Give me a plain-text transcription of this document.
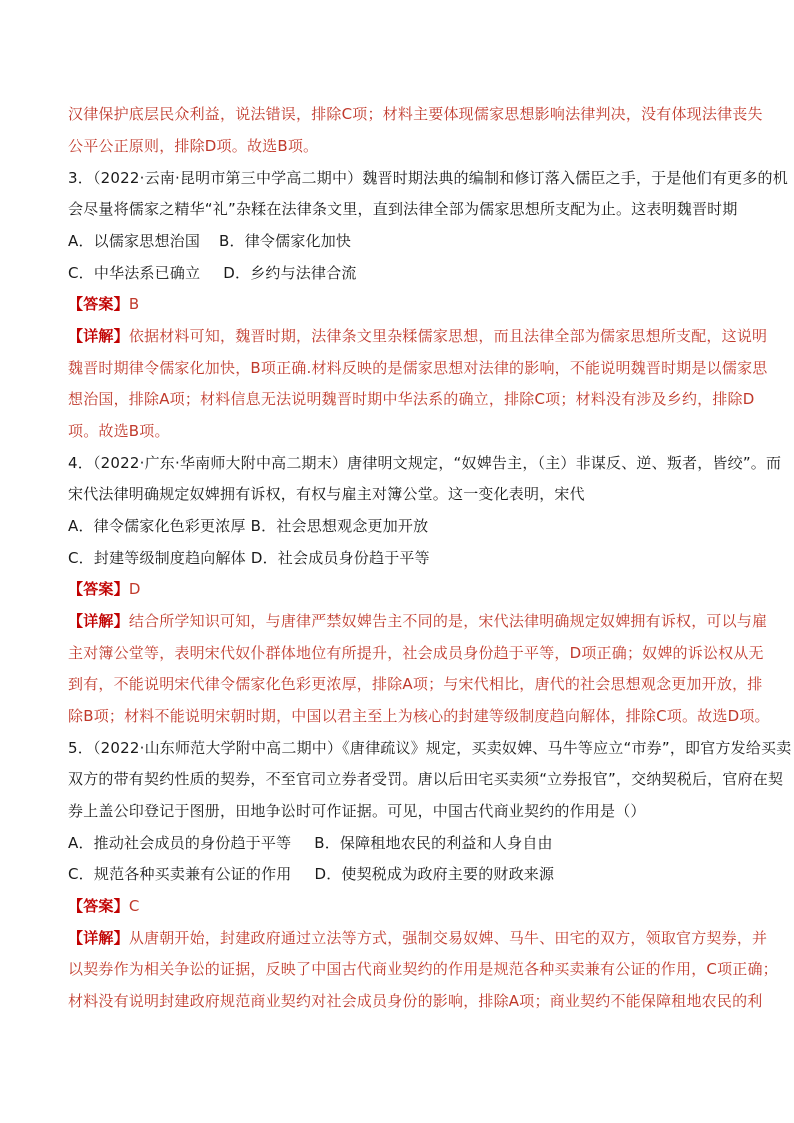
汉律保护底层民众利益，说法错误，排除C项；材料主要体现儒家思想影响法律判决，没有体现法律丧失
公平公正原则，排除D项。故选B项。
3．（2022·云南·昆明市第三中学高二期中）魏晋时期法典的编制和修订落入儒臣之手，于是他们有更多的机
会尽量将儒家之精华“礼”杂糅在法律条文里，直到法律全部为儒家思想所支配为止。这表明魏晋时期
A．以儒家思想治国 B．律令儒家化加快
C．中华法系已确立 D．乡约与法律合流
【答案】B
【详解】依据材料可知，魏晋时期，法律条文里杂糅儒家思想，而且法律全部为儒家思想所支配，这说明
魏晋时期律令儒家化加快，B项正确.材料反映的是儒家思想对法律的影响，不能说明魏晋时期是以儒家思
想治国，排除A项；材料信息无法说明魏晋时期中华法系的确立，排除C项；材料没有涉及乡约，排除D
项。故选B项。
4．（2022·广东·华南师大附中高二期末）唐律明文规定，“奴婢告主，（主）非谋反、逆、叛者，皆绞”。而
宋代法律明确规定奴婢拥有诉权，有权与雇主对簿公堂。这一变化表明，宋代
A．律令儒家化色彩更浓厚 B．社会思想观念更加开放
C．封建等级制度趋向解体 D．社会成员身份趋于平等
【答案】D
【详解】结合所学知识可知，与唐律严禁奴婢告主不同的是，宋代法律明确规定奴婢拥有诉权，可以与雇
主对簿公堂等，表明宋代奴仆群体地位有所提升，社会成员身份趋于平等，D项正确；奴婢的诉讼权从无
到有，不能说明宋代律令儒家化色彩更浓厚，排除A项；与宋代相比，唐代的社会思想观念更加开放，排
除B项；材料不能说明宋朝时期，中国以君主至上为核心的封建等级制度趋向解体，排除C项。故选D项。
5．（2022·山东师范大学附中高二期中）《唐律疏议》规定，买卖奴婢、马牛等应立“市券”，即官方发给买卖
双方的带有契约性质的契券，不至官司立券者受罚。唐以后田宅买卖须“立券报官”，交纳契税后，官府在契
券上盖公印登记于图册，田地争讼时可作证据。可见，中国古代商业契约的作用是（）
A．推动社会成员的身份趋于平等 B．保障租地农民的利益和人身自由
C．规范各种买卖兼有公证的作用 D．使契税成为政府主要的财政来源
【答案】C
【详解】从唐朝开始，封建政府通过立法等方式，强制交易奴婢、马牛、田宅的双方，领取官方契券，并
以契券作为相关争讼的证据，反映了中国古代商业契约的作用是规范各种买卖兼有公证的作用，C项正确；
材料没有说明封建政府规范商业契约对社会成员身份的影响，排除A项；商业契约不能保障租地农民的利
